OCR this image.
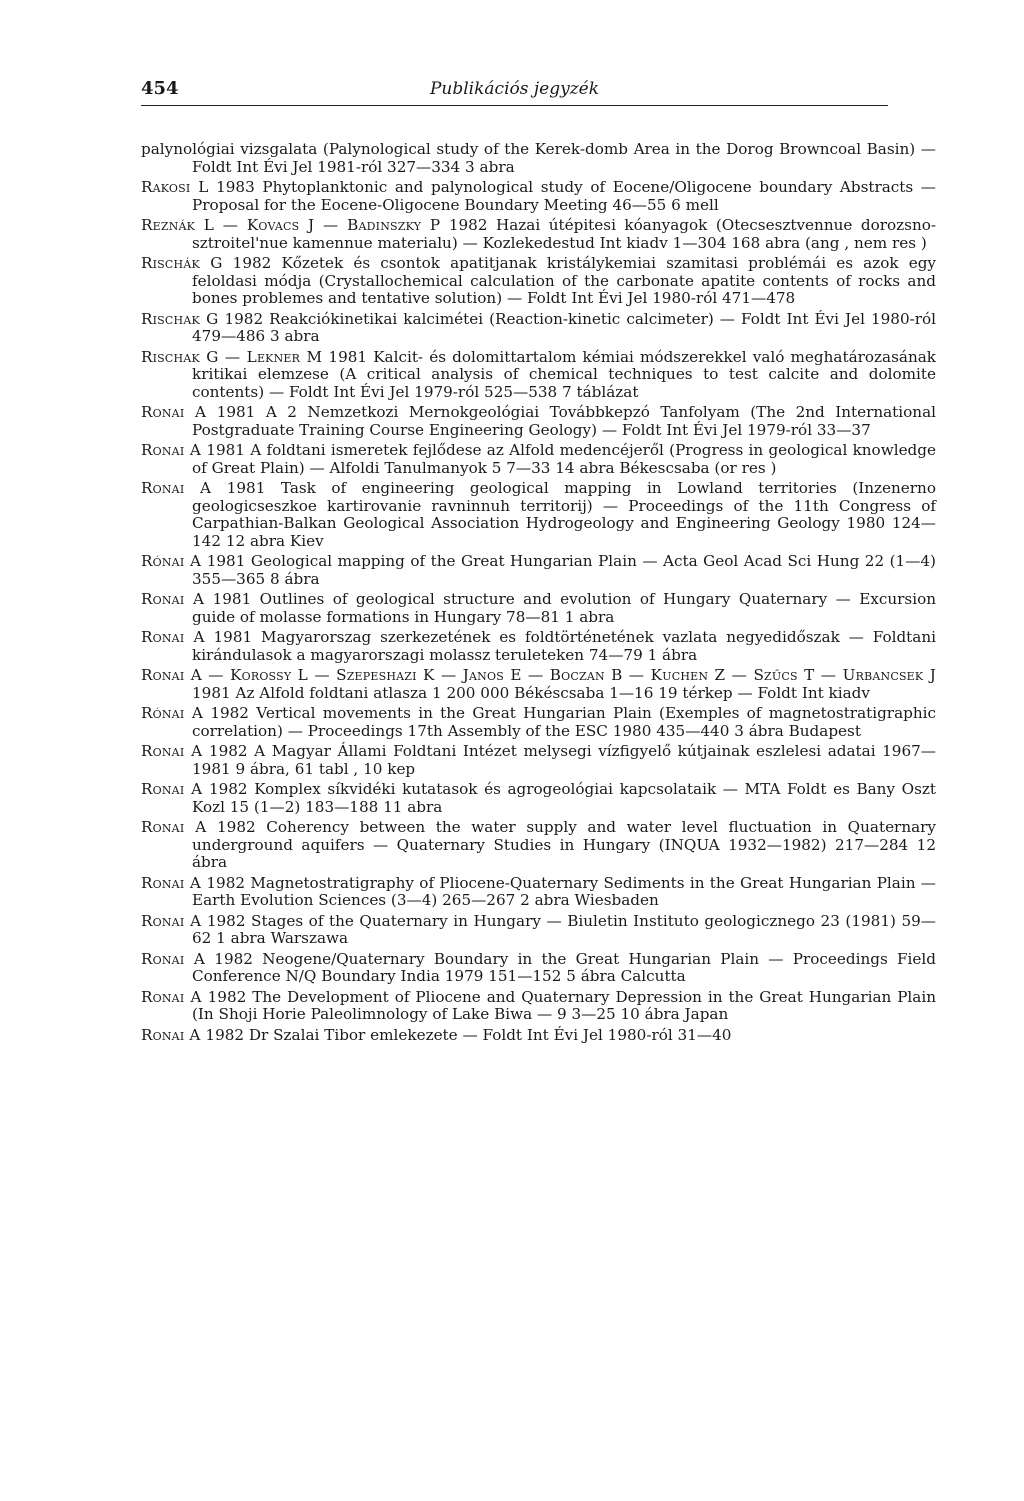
454	Publikációs jegyzék

palynológiai vizsgalata (Palynological study of the Kerek-domb Area in the Dorog Browncoal Basin) — Foldt Int Évi Jel 1981-ról 327—334 3 abra

Rakosi L 1983 Phytoplanktonic and palynological study of Eocene/Oligocene boundary Abstracts — Proposal for the Eocene-Oligocene Boundary Meeting 46—55 6 mell

Reznák L — Kovacs J — Badinszky P 1982 Hazai útépitesi kóanyagok (Otecsesztvennue dorozsno-sztroitel'nue kamennue materialu) — Kozlekedestud Int kiadv 1—304 168 abra (ang , nem res )

Rischák G 1982 Kőzetek és csontok apatitjanak kristálykemiai szamitasi problémái es azok egy feloldasi módja (Crystallochemical calculation of the carbonate apatite contents of rocks and bones problemes and tentative solution) — Foldt Int Évi Jel 1980-ról 471—478

Rischak G 1982 Reakciókinetikai kalcimétei (Reaction-kinetic calcimeter) — Foldt Int Évi Jel 1980-ról 479—486 3 abra

Rischak G — Lekner M 1981 Kalcit- és dolomittartalom kémiai módszerekkel való meghatározasának kritikai elemzese (A critical analysis of chemical techniques to test calcite and dolomite contents) — Foldt Int Évi Jel 1979-ról 525—538 7 táblázat

Ronai A 1981 A 2 Nemzetkozi Mernokgeológiai Továbbkepzó Tanfolyam (The 2nd International Postgraduate Training Course Engineering Geology) — Foldt Int Évi Jel 1979-ról 33—37

Ronai A 1981 A foldtani ismeretek fejlődese az Alfold medencéjeről (Progress in geological knowledge of Great Plain) — Alfoldi Tanulmanyok 5 7—33 14 abra Békescsaba (or res )

Ronai A 1981 Task of engineering geological mapping in Lowland territories (Inzenerno geologicseszkoe kartirovanie ravninnuh territorij) — Proceedings of the 11th Congress of Carpathian-Balkan Geological Association Hydrogeology and Engineering Geology 1980 124—142 12 abra Kiev

Rónai A 1981 Geological mapping of the Great Hungarian Plain — Acta Geol Acad Sci Hung 22 (1—4) 355—365 8 ábra

Ronai A 1981 Outlines of geological structure and evolution of Hungary Quaternary — Excursion guide of molasse formations in Hungary 78—81 1 abra

Ronai A 1981 Magyarorszag szerkezetének es foldtörténetének vazlata negyedidőszak — Foldtani kirándulasok a magyarorszagi molassz teruleteken 74—79 1 ábra

Ronai A — Korossy L — Szepeshazi K — Janos E — Boczan B — Kuchen Z — Szűcs T — Urbancsek J 1981 Az Alfold foldtani atlasza 1 200 000 Békéscsaba 1—16 19 térkep — Foldt Int kiadv

Rónai A 1982 Vertical movements in the Great Hungarian Plain (Exemples of magnetostratigraphic correlation) — Proceedings 17th Assembly of the ESC 1980 435—440 3 ábra Budapest

Ronai A 1982 A Magyar Állami Foldtani Intézet melysegi vízfigyelő kútjainak eszlelesi adatai 1967—1981 9 ábra, 61 tabl , 10 kep

Ronai A 1982 Komplex síkvidéki kutatasok és agrogeológiai kapcsolataik — MTA Foldt es Bany Oszt Kozl 15 (1—2) 183—188 11 abra

Ronai A 1982 Coherency between the water supply and water level fluctuation in Quaternary underground aquifers — Quaternary Studies in Hungary (INQUA 1932—1982) 217—284 12 ábra

Ronai A 1982 Magnetostratigraphy of Pliocene-Quaternary Sediments in the Great Hungarian Plain — Earth Evolution Sciences (3—4) 265—267 2 abra Wiesbaden

Ronai A 1982 Stages of the Quaternary in Hungary — Biuletin Instituto geologicznego 23 (1981) 59—62 1 abra Warszawa

Ronai A 1982 Neogene/Quaternary Boundary in the Great Hungarian Plain — Proceedings Field Conference N/Q Boundary India 1979 151—152 5 ábra Calcutta

Ronai A 1982 The Development of Pliocene and Quaternary Depression in the Great Hungarian Plain (In Shoji Horie Paleolimnology of Lake Biwa — 9 3—25 10 ábra Japan

Ronai A 1982 Dr Szalai Tibor emlekezete — Foldt Int Évi Jel 1980-ról 31—40
